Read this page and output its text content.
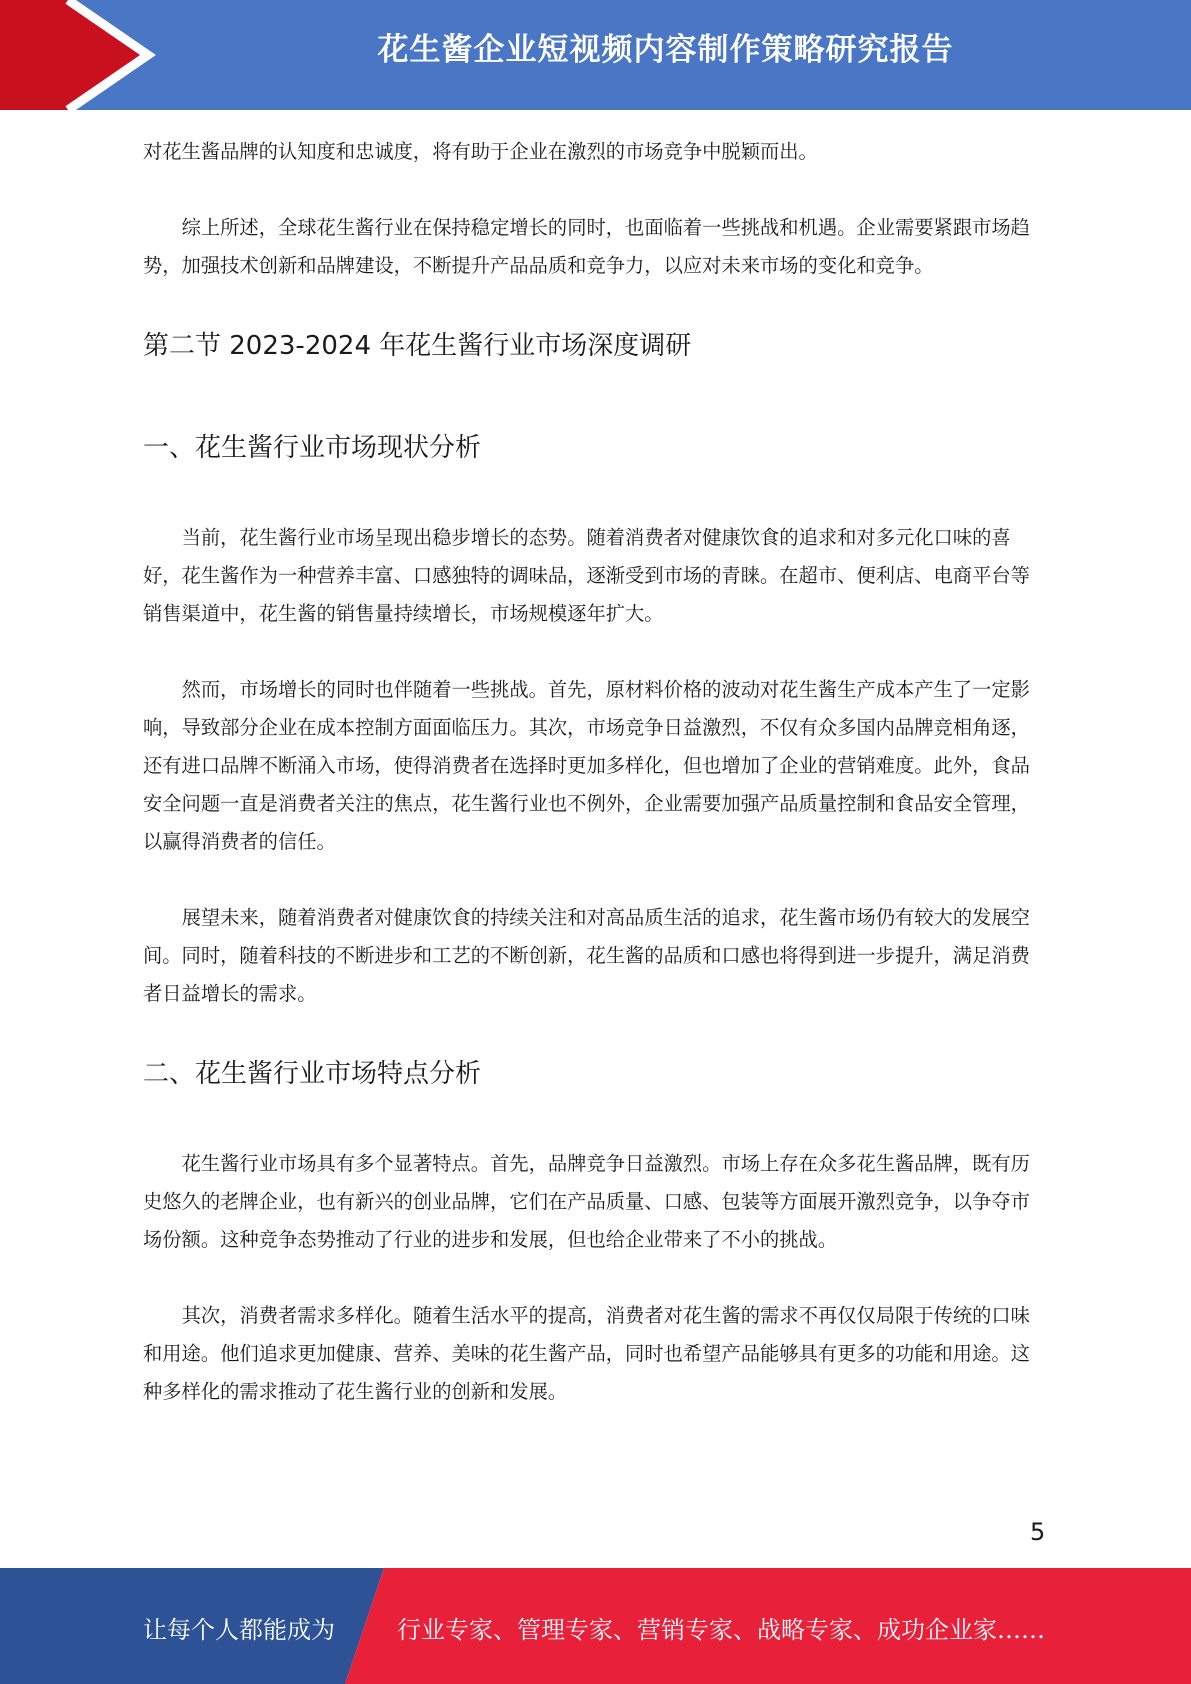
花生酱企业短视频内容制作策略研究报告

对花生酱品牌的认知度和忠诚度，将有助于企业在激烈的市场竞争中脱颖而出。

综上所述，全球花生酱行业在保持稳定增长的同时，也面临着一些挑战和机遇。企业需要紧跟市场趋势，加强技术创新和品牌建设，不断提升产品品质和竞争力，以应对未来市场的变化和竞争。

第二节 2023-2024 年花生酱行业市场深度调研
一、花生酱行业市场现状分析

当前，花生酱行业市场呈现出稳步增长的态势。随着消费者对健康饮食的追求和对多元化口味的喜好，花生酱作为一种营养丰富、口感独特的调味品，逐渐受到市场的青睐。在超市、便利店、电商平台等销售渠道中，花生酱的销售量持续增长，市场规模逐年扩大。

然而，市场增长的同时也伴随着一些挑战。首先，原材料价格的波动对花生酱生产成本产生了一定影响，导致部分企业在成本控制方面面临压力。其次，市场竞争日益激烈，不仅有众多国内品牌竞相角逐，还有进口品牌不断涌入市场，使得消费者在选择时更加多样化，但也增加了企业的营销难度。此外，食品安全问题一直是消费者关注的焦点，花生酱行业也不例外，企业需要加强产品质量控制和食品安全管理，以赢得消费者的信任。

展望未来，随着消费者对健康饮食的持续关注和对高品质生活的追求，花生酱市场仍有较大的发展空间。同时，随着科技的不断进步和工艺的不断创新，花生酱的品质和口感也将得到进一步提升，满足消费者日益增长的需求。

二、花生酱行业市场特点分析

花生酱行业市场具有多个显著特点。首先，品牌竞争日益激烈。市场上存在众多花生酱品牌，既有历史悠久的老牌企业，也有新兴的创业品牌，它们在产品质量、口感、包装等方面展开激烈竞争，以争夺市场份额。这种竞争态势推动了行业的进步和发展，但也给企业带来了不小的挑战。

其次，消费者需求多样化。随着生活水平的提高，消费者对花生酱的需求不再仅仅局限于传统的口味和用途。他们追求更加健康、营养、美味的花生酱产品，同时也希望产品能够具有更多的功能和用途。这种多样化的需求推动了花生酱行业的创新和发展。

5
让每个人都能成为	行业专家、管理专家、营销专家、战略专家、成功企业家……
